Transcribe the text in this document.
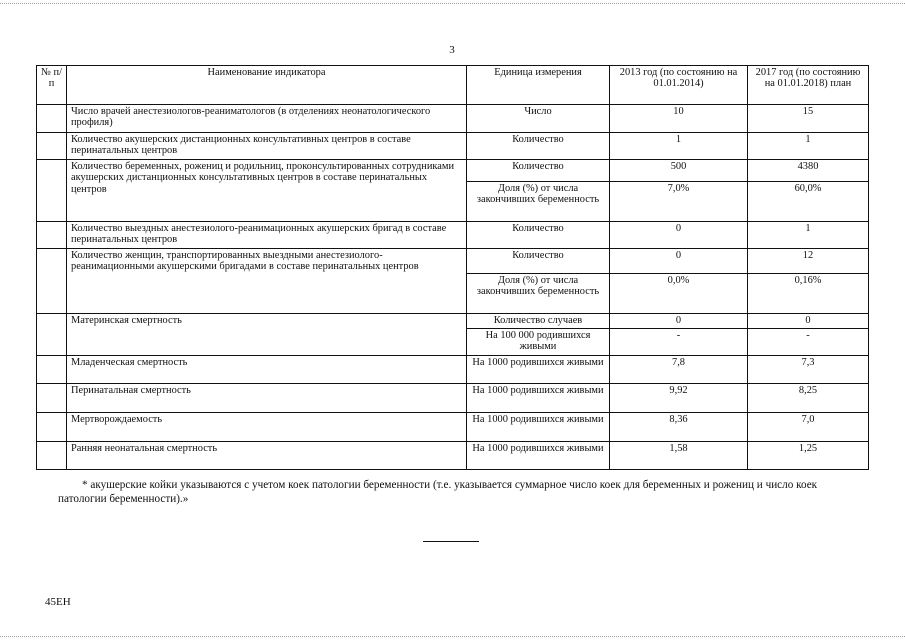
3
№ п/п	Наименование индикатора	Единица измерения	2013 год (по состоянию на 01.01.2014)	2017 год (по состоянию на 01.01.2018) план
	Число врачей анестезиологов-реаниматологов (в отделениях неонатологического профиля)	Число	10	15
	Количество акушерских дистанционных консультативных центров в составе перинатальных центров	Количество	1	1
	Количество беременных, рожениц и родильниц, проконсультированных сотрудниками акушерских дистанционных консультативных центров в составе перинатальных центров	Количество	500	4380
		Доля (%) от числа закончивших беременность	7,0%	60,0%
	Количество выездных анестезиолого-реанимационных акушерских бригад в составе перинатальных центров	Количество	0	1
	Количество женщин, транспортированных выездными анестезиолого-реанимационными акушерскими бригадами в составе перинатальных центров	Количество	0	12
		Доля (%) от числа закончивших беременность	0,0%	0,16%
	Материнская смертность	Количество случаев	0	0
		На 100 000 родившихся живыми	-	-
	Младенческая смертность	На 1000 родившихся живыми	7,8	7,3
	Перинатальная смертность	На 1000 родившихся живыми	9,92	8,25
	Мертворождаемость	На 1000 родившихся живыми	8,36	7,0
	Ранняя неонатальная смертность	На 1000 родившихся живыми	1,58	1,25
* акушерские койки указываются с учетом коек патологии беременности (т.е. указывается суммарное число коек для беременных и рожениц и число коек патологии беременности).»
45ЕН
